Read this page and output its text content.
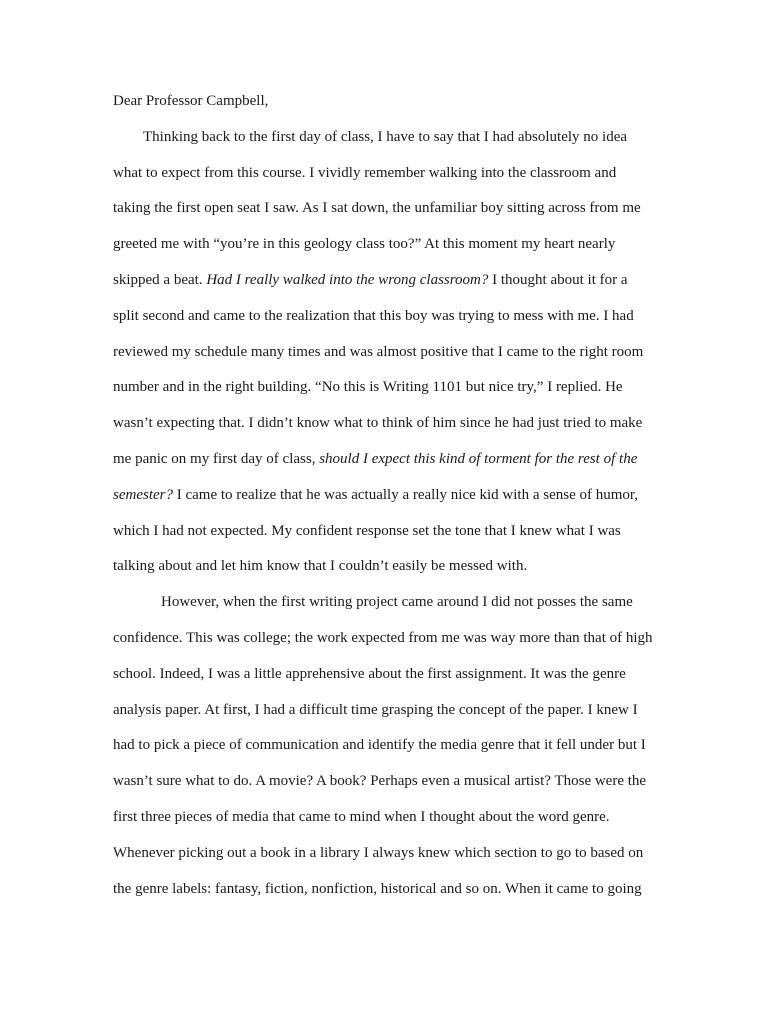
Dear Professor Campbell,
Thinking back to the first day of class, I have to say that I had absolutely no idea
what to expect from this course. I vividly remember walking into the classroom and
taking the first open seat I saw. As I sat down, the unfamiliar boy sitting across from me
greeted me with “you’re in this geology class too?” At this moment my heart nearly
skipped a beat. Had I really walked into the wrong classroom? I thought about it for a
split second and came to the realization that this boy was trying to mess with me. I had
reviewed my schedule many times and was almost positive that I came to the right room
number and in the right building. “No this is Writing 1101 but nice try,” I replied. He
wasn’t expecting that. I didn’t know what to think of him since he had just tried to make
me panic on my first day of class, should I expect this kind of torment for the rest of the
semester? I came to realize that he was actually a really nice kid with a sense of humor,
which I had not expected. My confident response set the tone that I knew what I was
talking about and let him know that I couldn’t easily be messed with.
However, when the first writing project came around I did not posses the same
confidence. This was college; the work expected from me was way more than that of high
school. Indeed, I was a little apprehensive about the first assignment. It was the genre
analysis paper. At first, I had a difficult time grasping the concept of the paper. I knew I
had to pick a piece of communication and identify the media genre that it fell under but I
wasn’t sure what to do. A movie? A book? Perhaps even a musical artist? Those were the
first three pieces of media that came to mind when I thought about the word genre.
Whenever picking out a book in a library I always knew which section to go to based on
the genre labels: fantasy, fiction, nonfiction, historical and so on. When it came to going
